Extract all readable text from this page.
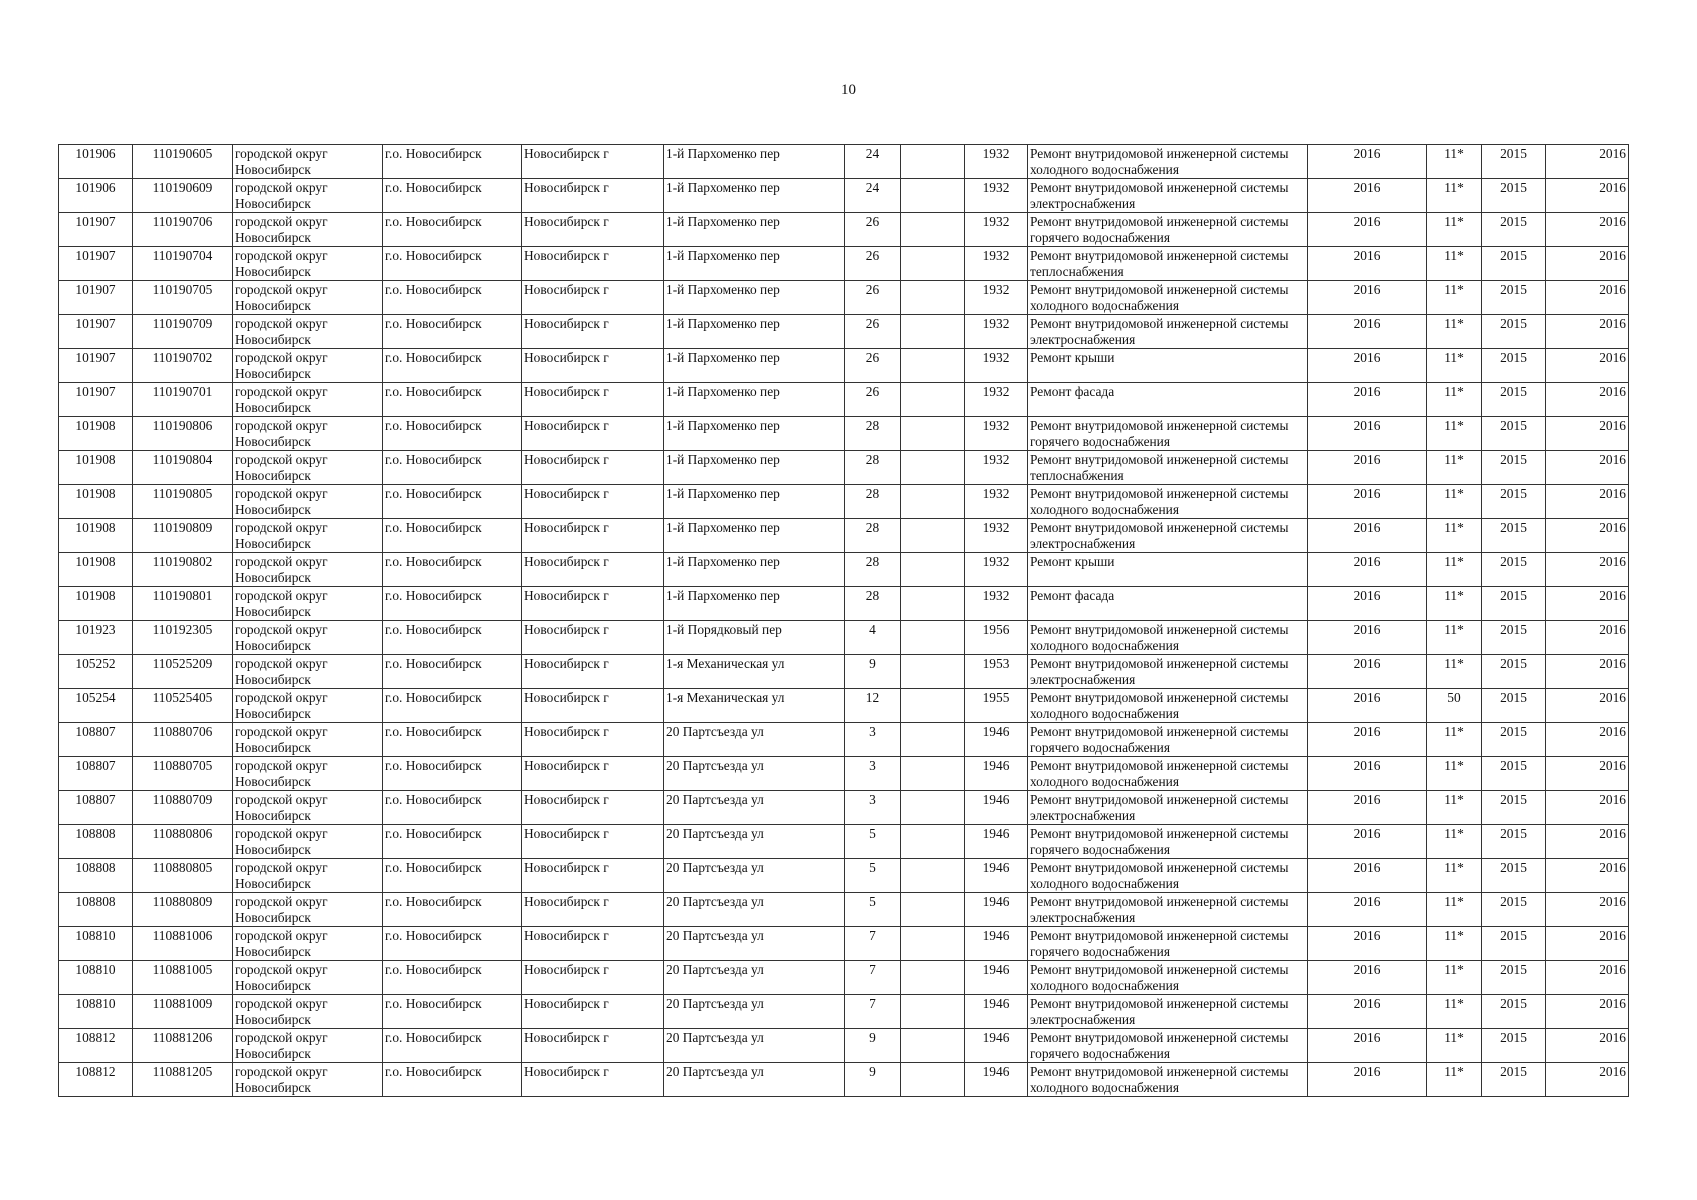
10
101906	110190605	городской округ Новосибирск	г.о. Новосибирск	Новосибирск г	1-й Пархоменко пер	24		1932	Ремонт внутридомовой инженерной системы холодного водоснабжения	2016	11*	2015	2016
101906	110190609	городской округ Новосибирск	г.о. Новосибирск	Новосибирск г	1-й Пархоменко пер	24		1932	Ремонт внутридомовой инженерной системы электроснабжения	2016	11*	2015	2016
101907	110190706	городской округ Новосибирск	г.о. Новосибирск	Новосибирск г	1-й Пархоменко пер	26		1932	Ремонт внутридомовой инженерной системы горячего водоснабжения	2016	11*	2015	2016
101907	110190704	городской округ Новосибирск	г.о. Новосибирск	Новосибирск г	1-й Пархоменко пер	26		1932	Ремонт внутридомовой инженерной системы теплоснабжения	2016	11*	2015	2016
101907	110190705	городской округ Новосибирск	г.о. Новосибирск	Новосибирск г	1-й Пархоменко пер	26		1932	Ремонт внутридомовой инженерной системы холодного водоснабжения	2016	11*	2015	2016
101907	110190709	городской округ Новосибирск	г.о. Новосибирск	Новосибирск г	1-й Пархоменко пер	26		1932	Ремонт внутридомовой инженерной системы электроснабжения	2016	11*	2015	2016
101907	110190702	городской округ Новосибирск	г.о. Новосибирск	Новосибирск г	1-й Пархоменко пер	26		1932	Ремонт крыши	2016	11*	2015	2016
101907	110190701	городской округ Новосибирск	г.о. Новосибирск	Новосибирск г	1-й Пархоменко пер	26		1932	Ремонт фасада	2016	11*	2015	2016
101908	110190806	городской округ Новосибирск	г.о. Новосибирск	Новосибирск г	1-й Пархоменко пер	28		1932	Ремонт внутридомовой инженерной системы горячего водоснабжения	2016	11*	2015	2016
101908	110190804	городской округ Новосибирск	г.о. Новосибирск	Новосибирск г	1-й Пархоменко пер	28		1932	Ремонт внутридомовой инженерной системы теплоснабжения	2016	11*	2015	2016
101908	110190805	городской округ Новосибирск	г.о. Новосибирск	Новосибирск г	1-й Пархоменко пер	28		1932	Ремонт внутридомовой инженерной системы холодного водоснабжения	2016	11*	2015	2016
101908	110190809	городской округ Новосибирск	г.о. Новосибирск	Новосибирск г	1-й Пархоменко пер	28		1932	Ремонт внутридомовой инженерной системы электроснабжения	2016	11*	2015	2016
101908	110190802	городской округ Новосибирск	г.о. Новосибирск	Новосибирск г	1-й Пархоменко пер	28		1932	Ремонт крыши	2016	11*	2015	2016
101908	110190801	городской округ Новосибирск	г.о. Новосибирск	Новосибирск г	1-й Пархоменко пер	28		1932	Ремонт фасада	2016	11*	2015	2016
101923	110192305	городской округ Новосибирск	г.о. Новосибирск	Новосибирск г	1-й Порядковый пер	4		1956	Ремонт внутридомовой инженерной системы холодного водоснабжения	2016	11*	2015	2016
105252	110525209	городской округ Новосибирск	г.о. Новосибирск	Новосибирск г	1-я Механическая ул	9		1953	Ремонт внутридомовой инженерной системы электроснабжения	2016	11*	2015	2016
105254	110525405	городской округ Новосибирск	г.о. Новосибирск	Новосибирск г	1-я Механическая ул	12		1955	Ремонт внутридомовой инженерной системы холодного водоснабжения	2016	50	2015	2016
108807	110880706	городской округ Новосибирск	г.о. Новосибирск	Новосибирск г	20 Партсъезда ул	3		1946	Ремонт внутридомовой инженерной системы горячего водоснабжения	2016	11*	2015	2016
108807	110880705	городской округ Новосибирск	г.о. Новосибирск	Новосибирск г	20 Партсъезда ул	3		1946	Ремонт внутридомовой инженерной системы холодного водоснабжения	2016	11*	2015	2016
108807	110880709	городской округ Новосибирск	г.о. Новосибирск	Новосибирск г	20 Партсъезда ул	3		1946	Ремонт внутридомовой инженерной системы электроснабжения	2016	11*	2015	2016
108808	110880806	городской округ Новосибирск	г.о. Новосибирск	Новосибирск г	20 Партсъезда ул	5		1946	Ремонт внутридомовой инженерной системы горячего водоснабжения	2016	11*	2015	2016
108808	110880805	городской округ Новосибирск	г.о. Новосибирск	Новосибирск г	20 Партсъезда ул	5		1946	Ремонт внутридомовой инженерной системы холодного водоснабжения	2016	11*	2015	2016
108808	110880809	городской округ Новосибирск	г.о. Новосибирск	Новосибирск г	20 Партсъезда ул	5		1946	Ремонт внутридомовой инженерной системы электроснабжения	2016	11*	2015	2016
108810	110881006	городской округ Новосибирск	г.о. Новосибирск	Новосибирск г	20 Партсъезда ул	7		1946	Ремонт внутридомовой инженерной системы горячего водоснабжения	2016	11*	2015	2016
108810	110881005	городской округ Новосибирск	г.о. Новосибирск	Новосибирск г	20 Партсъезда ул	7		1946	Ремонт внутридомовой инженерной системы холодного водоснабжения	2016	11*	2015	2016
108810	110881009	городской округ Новосибирск	г.о. Новосибирск	Новосибирск г	20 Партсъезда ул	7		1946	Ремонт внутридомовой инженерной системы электроснабжения	2016	11*	2015	2016
108812	110881206	городской округ Новосибирск	г.о. Новосибирск	Новосибирск г	20 Партсъезда ул	9		1946	Ремонт внутридомовой инженерной системы горячего водоснабжения	2016	11*	2015	2016
108812	110881205	городской округ Новосибирск	г.о. Новосибирск	Новосибирск г	20 Партсъезда ул	9		1946	Ремонт внутридомовой инженерной системы холодного водоснабжения	2016	11*	2015	2016
